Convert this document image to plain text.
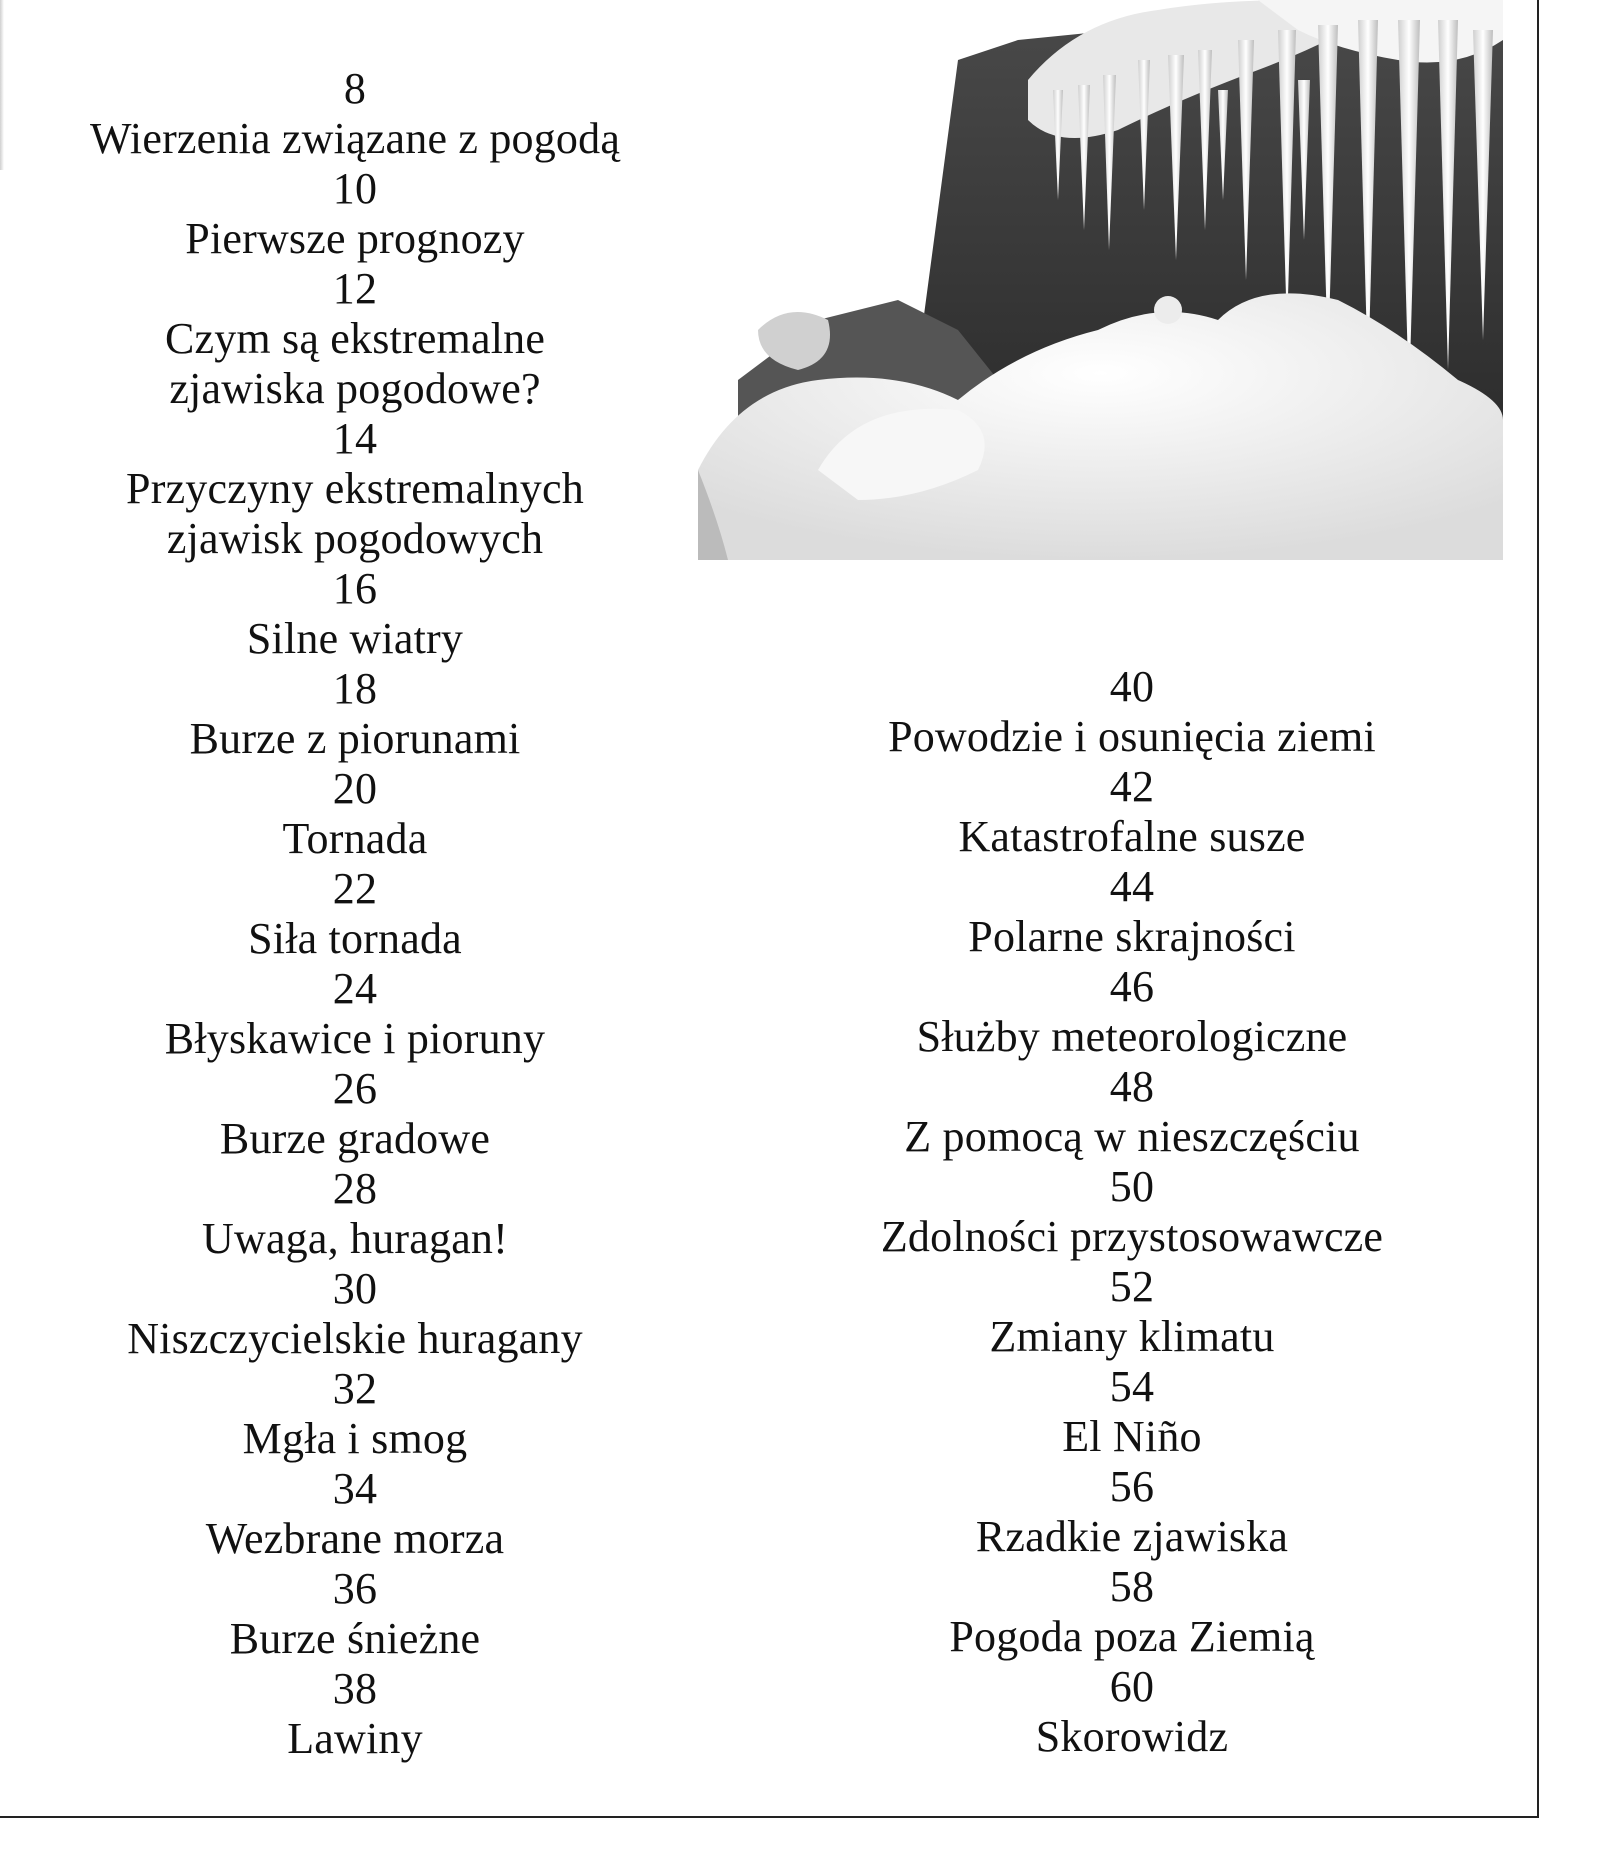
8
Wierzenia związane z pogodą
10
Pierwsze prognozy
12
Czym są ekstremalne
zjawiska pogodowe?
14
Przyczyny ekstremalnych
zjawisk pogodowych
16
Silne wiatry
18
Burze z piorunami
20
Tornada
22
Siła tornada
24
Błyskawice i pioruny
26
Burze gradowe
28
Uwaga, huragan!
30
Niszczycielskie huragany
32
Mgła i smog
34
Wezbrane morza
36
Burze śnieżne
38
Lawiny
40
Powodzie i osunięcia ziemi
42
Katastrofalne susze
44
Polarne skrajności
46
Służby meteorologiczne
48
Z pomocą w nieszczęściu
50
Zdolności przystosowawcze
52
Zmiany klimatu
54
El Niño
56
Rzadkie zjawiska
58
Pogoda poza Ziemią
60
Skorowidz
